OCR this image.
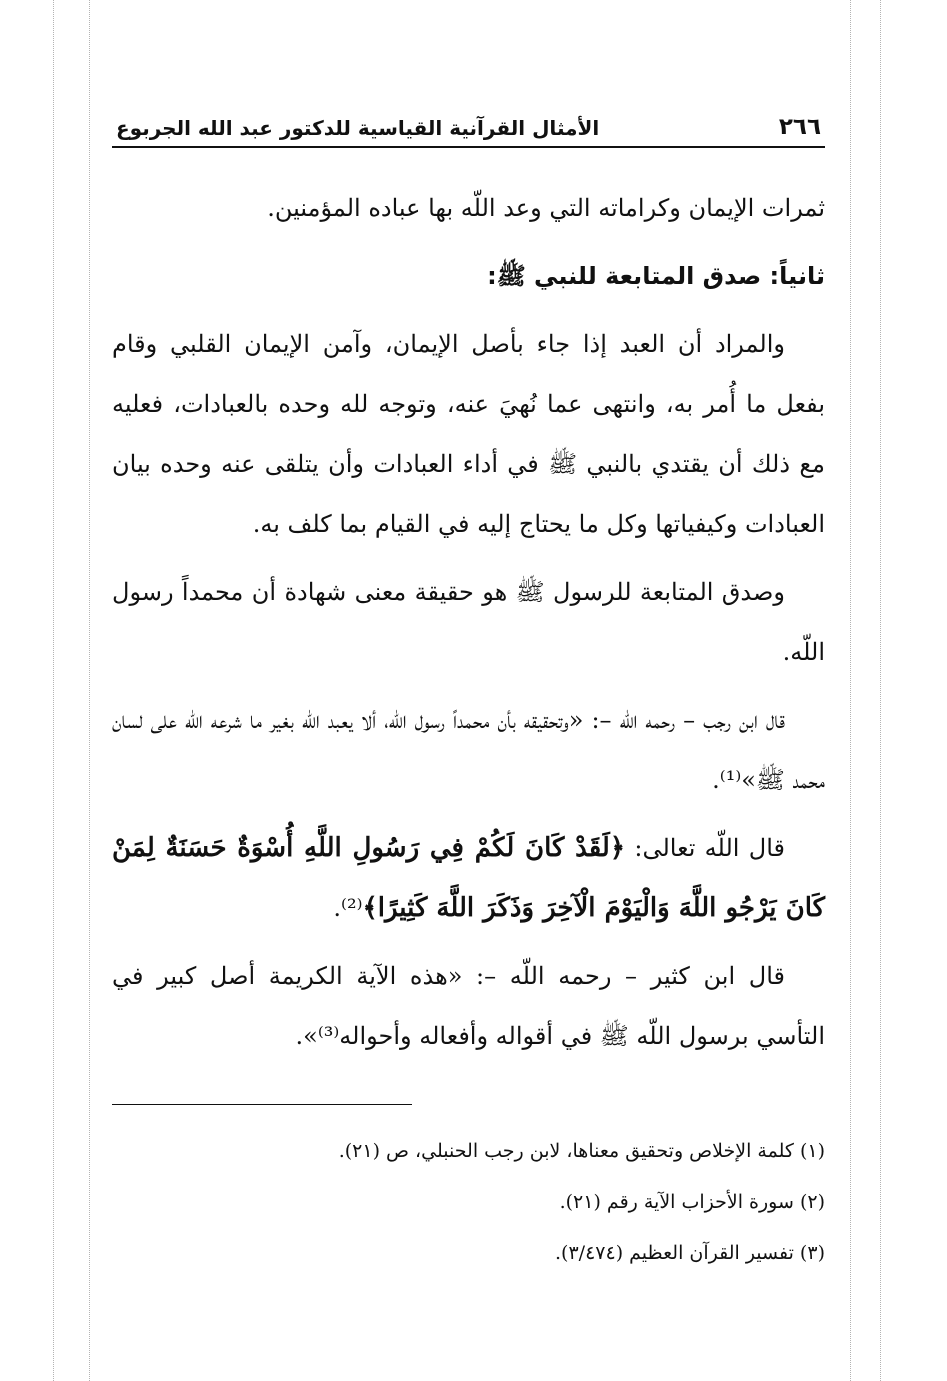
٢٦٦
الأمثال القرآنية القياسية للدكتور عبد الله الجربوع

ثمرات الإيمان وكراماته التي وعد اللّه بها عباده المؤمنين.

ثانياً: صدق المتابعة للنبي ﷺ:

والمراد أن العبد إذا جاء بأصل الإيمان، وآمن الإيمان القلبي وقام بفعل ما أُمر به، وانتهى عما نُهيَ عنه، وتوجه لله وحده بالعبادات، فعليه مع ذلك أن يقتدي بالنبي ﷺ في أداء العبادات وأن يتلقى عنه وحده بيان العبادات وكيفياتها وكل ما يحتاج إليه في القيام بما كلف به.

وصدق المتابعة للرسول ﷺ هو حقيقة معنى شهادة أن محمداً رسول اللّه.

قال ابن رجب – رحمه اللّه –: «وتحقيقه بأن محمداً رسول الله، ألا يعبد اللّه بغير ما شرعه اللّه على لسان محمد ﷺ»⁽¹⁾.

قال اللّه تعالى: ﴿لَقَدْ كَانَ لَكُمْ فِي رَسُولِ اللَّهِ أُسْوَةٌ حَسَنَةٌ لِمَنْ كَانَ يَرْجُو اللَّهَ وَالْيَوْمَ الْآخِرَ وَذَكَرَ اللَّهَ كَثِيرًا﴾⁽²⁾.

قال ابن كثير – رحمه اللّه –: «هذه الآية الكريمة أصل كبير في التأسي برسول اللّه ﷺ في أقواله وأفعاله وأحواله⁽³⁾».

(١) كلمة الإخلاص وتحقيق معناها، لابن رجب الحنبلي، ص (٢١).
(٢) سورة الأحزاب الآية رقم (٢١).
(٣) تفسير القرآن العظيم (٣/٤٧٤).
